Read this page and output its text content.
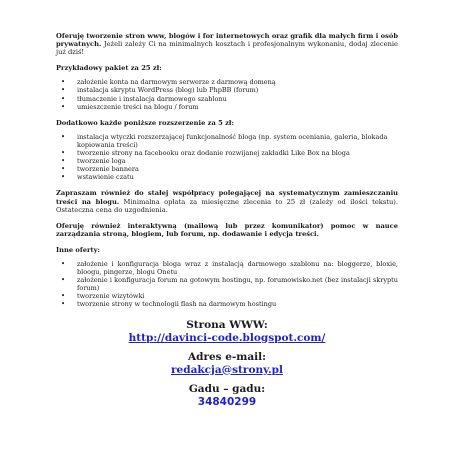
Oferuję tworzenie stron www, blogów i for internetowych oraz grafik dla małych firm i osób prywatnych. Jeżeli zależy Ci na minimalnych kosztach i profesjonalnym wykonaniu, dodaj zlecenie już dziś!

Przykładowy pakiet za 25 zł:

• założenie konta na darmowym serwerze z darmową domeną
• instalacja skryptu WordPress (blog) lub PhpBB (forum)
• tłumaczenie i instalacja darmowego szablonu
• umieszczenie treści na blogu / forum

Dodatkowo każde poniższe rozszerzenie za 5 zł:

• instalacja wtyczki rozszerzającej funkcjonalność bloga (np. system oceniania, galeria, blokada kopiowania treści)
• tworzenie strony na facebooku oraz dodanie rozwijanej zakładki Like Box na bloga
• tworzenie loga
• tworzenie bannera
• wstawienie czatu

Zapraszam również do stałej współpracy polegającej na systematycznym zamieszczaniu treści na blogu. Minimalna opłata za miesięczne zlecenia to 25 zł (zależy od ilości tekstu). Ostateczna cena do uzgodnienia.

Oferuję również interaktywną (mailową lub przez komunikator) pomoc w nauce zarządzania stroną, blogiem, lub forum, np. dodawanie i edycja treści.

Inne oferty:

• założenie i konfiguracja bloga wraz z instalacją darmowego szablonu na: bloggerze, bloxie, bloogu, pingerze, blogu Onetu
• założenie i konfiguracja forum na gotowym hostingu, np. forumowisko.net (bez instalacji skryptu forum)
• tworzenie wizytówki
• tworzenie strony w technologii flash na darmowym hostingu
Strona WWW:
http://davinci-code.blogspot.com/
Adres e-mail:
redakcja@strony.pl
Gadu – gadu:
34840299
